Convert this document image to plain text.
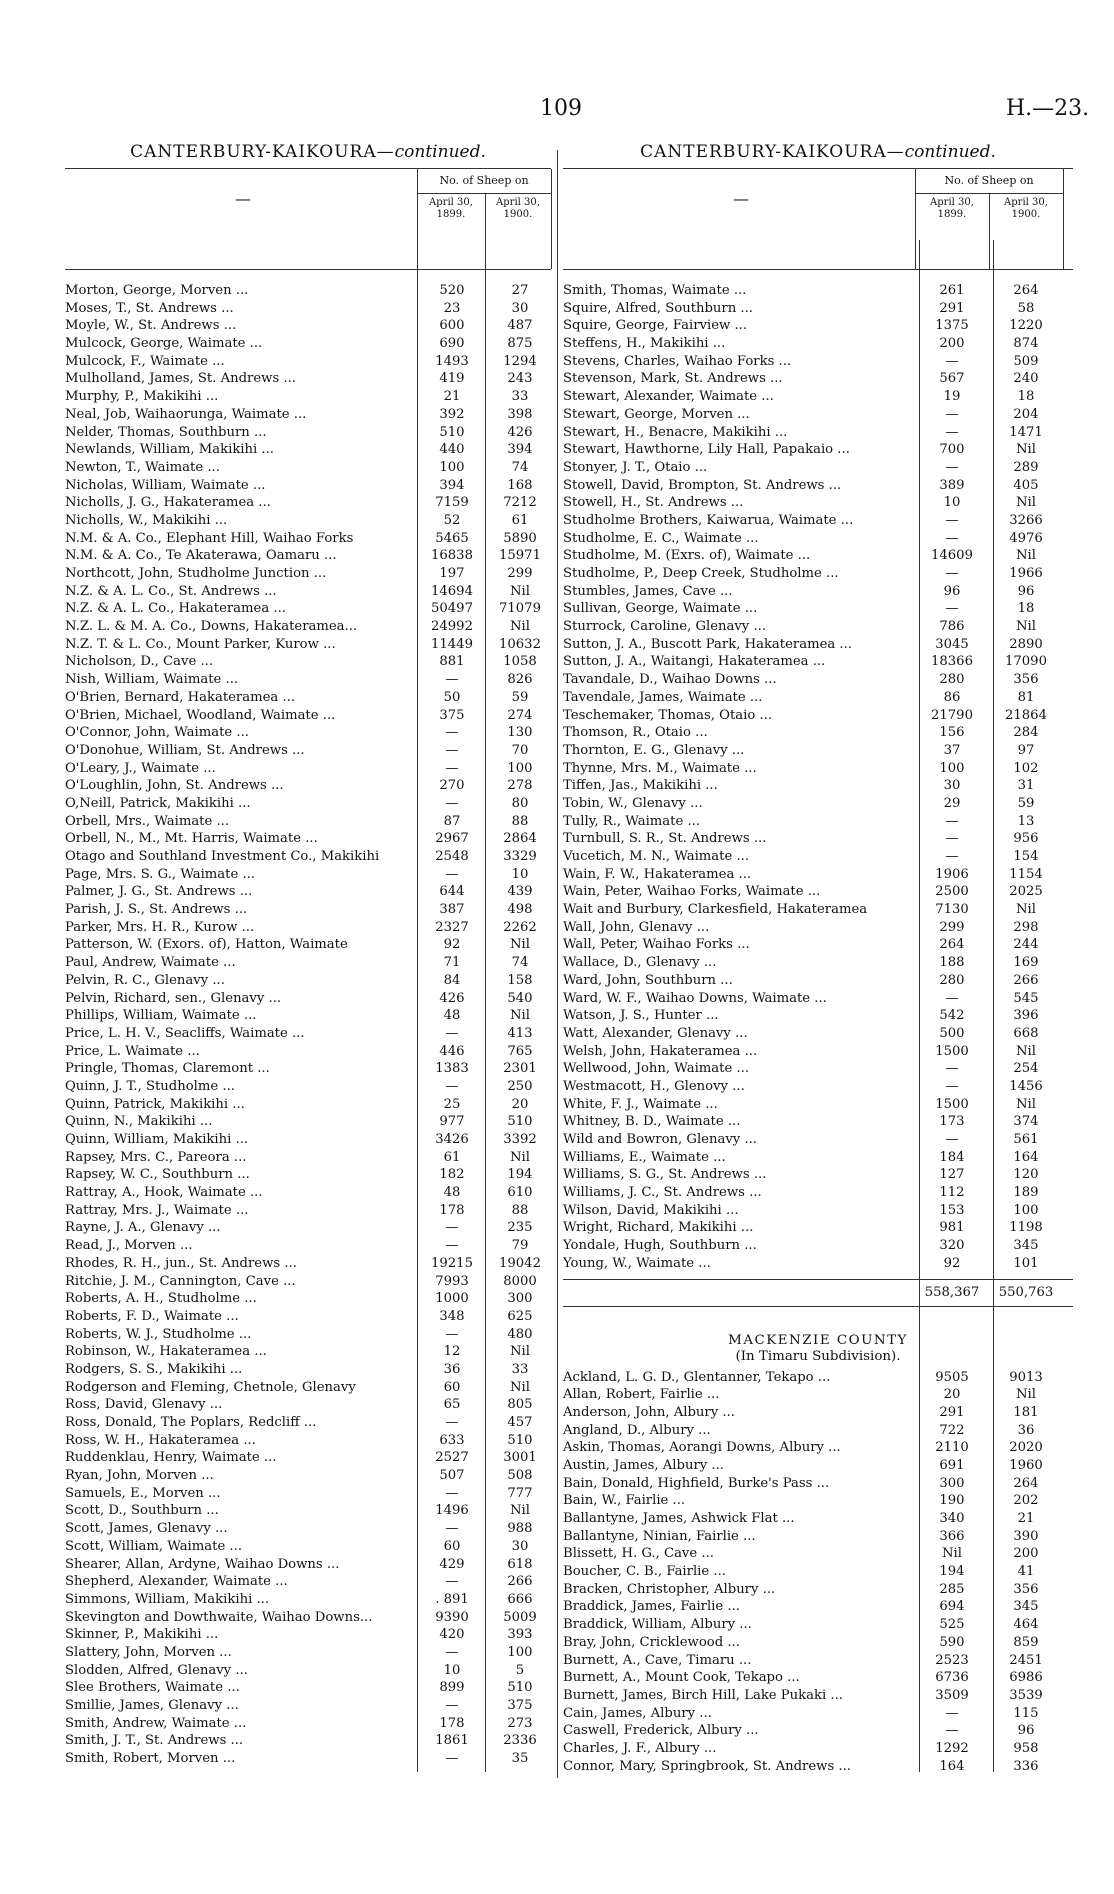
109	H.—23.
CANTERBURY-KAIKOURA—continued.
—
No. of Sheep on
April 30,
1899.
April 30,
1900.
Morton, George, Morven ...	520	27
Moses, T., St. Andrews ...	23	30
Moyle, W., St. Andrews ...	600	487
Mulcock, George, Waimate ...	690	875
Mulcock, F., Waimate ...	1493	1294
Mulholland, James, St. Andrews ...	419	243
Murphy, P., Makikihi ...	21	33
Neal, Job, Waihaorunga, Waimate ...	392	398
Nelder, Thomas, Southburn ...	510	426
Newlands, William, Makikihi ...	440	394
Newton, T., Waimate ...	100	74
Nicholas, William, Waimate ...	394	168
Nicholls, J. G., Hakateramea ...	7159	7212
Nicholls, W., Makikihi ...	52	61
N.M. & A. Co., Elephant Hill, Waihao Forks	5465	5890
N.M. & A. Co., Te Akaterawa, Oamaru ...	16838	15971
Northcott, John, Studholme Junction ...	197	299
N.Z. & A. L. Co., St. Andrews ...	14694	Nil
N.Z. & A. L. Co., Hakateramea ...	50497	71079
N.Z. L. & M. A. Co., Downs, Hakateramea...	24992	Nil
N.Z. T. & L. Co., Mount Parker, Kurow ...	11449	10632
Nicholson, D., Cave ...	881	1058
Nish, William, Waimate ...	—	826
O'Brien, Bernard, Hakateramea ...	50	59
O'Brien, Michael, Woodland, Waimate ...	375	274
O'Connor, John, Waimate ...	—	130
O'Donohue, William, St. Andrews ...	—	70
O'Leary, J., Waimate ...	—	100
O'Loughlin, John, St. Andrews ...	270	278
O,Neill, Patrick, Makikihi ...	—	80
Orbell, Mrs., Waimate ...	87	88
Orbell, N., M., Mt. Harris, Waimate ...	2967	2864
Otago and Southland Investment Co., Makikihi	2548	3329
Page, Mrs. S. G., Waimate ...	—	10
Palmer, J. G., St. Andrews ...	644	439
Parish, J. S., St. Andrews ...	387	498
Parker, Mrs. H. R., Kurow ...	2327	2262
Patterson, W. (Exors. of), Hatton, Waimate	92	Nil
Paul, Andrew, Waimate ...	71	74
Pelvin, R. C., Glenavy ...	84	158
Pelvin, Richard, sen., Glenavy ...	426	540
Phillips, William, Waimate ...	48	Nil
Price, L. H. V., Seacliffs, Waimate ...	—	413
Price, L. Waimate ...	446	765
Pringle, Thomas, Claremont ...	1383	2301
Quinn, J. T., Studholme ...	—	250
Quinn, Patrick, Makikihi ...	25	20
Quinn, N., Makikihi ...	977	510
Quinn, William, Makikihi ...	3426	3392
Rapsey, Mrs. C., Pareora ...	61	Nil
Rapsey, W. C., Southburn ...	182	194
Rattray, A., Hook, Waimate ...	48	610
Rattray, Mrs. J., Waimate ...	178	88
Rayne, J. A., Glenavy ...	—	235
Read, J., Morven ...	—	79
Rhodes, R. H., jun., St. Andrews ...	19215	19042
Ritchie, J. M., Cannington, Cave ...	7993	8000
Roberts, A. H., Studholme ...	1000	300
Roberts, F. D., Waimate ...	348	625
Roberts, W. J., Studholme ...	—	480
Robinson, W., Hakateramea ...	12	Nil
Rodgers, S. S., Makikihi ...	36	33
Rodgerson and Fleming, Chetnole, Glenavy	60	Nil
Ross, David, Glenavy ...	65	805
Ross, Donald, The Poplars, Redcliff ...	—	457
Ross, W. H., Hakateramea ...	633	510
Ruddenklau, Henry, Waimate ...	2527	3001
Ryan, John, Morven ...	507	508
Samuels, E., Morven ...	—	777
Scott, D., Southburn ...	1496	Nil
Scott, James, Glenavy ...	—	988
Scott, William, Waimate ...	60	30
Shearer, Allan, Ardyne, Waihao Downs ...	429	618
Shepherd, Alexander, Waimate ...	—	266
Simmons, William, Makikihi ...	. 891	666
Skevington and Dowthwaite, Waihao Downs...	9390	5009
Skinner, P., Makikihi ...	420	393
Slattery, John, Morven ...	—	100
Slodden, Alfred, Glenavy ...	10	5
Slee Brothers, Waimate ...	899	510
Smillie, James, Glenavy ...	—	375
Smith, Andrew, Waimate ...	178	273
Smith, J. T., St. Andrews ...	1861	2336
Smith, Robert, Morven ...	—	35
CANTERBURY-KAIKOURA—continued.
—
No. of Sheep on
April 30,
1899.
April 30,
1900.
Smith, Thomas, Waimate ...	261	264
Squire, Alfred, Southburn ...	291	58
Squire, George, Fairview ...	1375	1220
Steffens, H., Makikihi ...	200	874
Stevens, Charles, Waihao Forks ...	—	509
Stevenson, Mark, St. Andrews ...	567	240
Stewart, Alexander, Waimate ...	19	18
Stewart, George, Morven ...	—	204
Stewart, H., Benacre, Makikihi ...	—	1471
Stewart, Hawthorne, Lily Hall, Papakaio ...	700	Nil
Stonyer, J. T., Otaio ...	—	289
Stowell, David, Brompton, St. Andrews ...	389	405
Stowell, H., St. Andrews ...	10	Nil
Studholme Brothers, Kaiwarua, Waimate ...	—	3266
Studholme, E. C., Waimate ...	—	4976
Studholme, M. (Exrs. of), Waimate ...	14609	Nil
Studholme, P., Deep Creek, Studholme ...	—	1966
Stumbles, James, Cave ...	96	96
Sullivan, George, Waimate ...	—	18
Sturrock, Caroline, Glenavy ...	786	Nil
Sutton, J. A., Buscott Park, Hakateramea ...	3045	2890
Sutton, J. A., Waitangi, Hakateramea ...	18366	17090
Tavandale, D., Waihao Downs ...	280	356
Tavendale, James, Waimate ...	86	81
Teschemaker, Thomas, Otaio ...	21790	21864
Thomson, R., Otaio ...	156	284
Thornton, E. G., Glenavy ...	37	97
Thynne, Mrs. M., Waimate ...	100	102
Tiffen, Jas., Makikihi ...	30	31
Tobin, W., Glenavy ...	29	59
Tully, R., Waimate ...	—	13
Turnbull, S. R., St. Andrews ...	—	956
Vucetich, M. N., Waimate ...	—	154
Wain, F. W., Hakateramea ...	1906	1154
Wain, Peter, Waihao Forks, Waimate ...	2500	2025
Wait and Burbury, Clarkesfield, Hakateramea	7130	Nil
Wall, John, Glenavy ...	299	298
Wall, Peter, Waihao Forks ...	264	244
Wallace, D., Glenavy ...	188	169
Ward, John, Southburn ...	280	266
Ward, W. F., Waihao Downs, Waimate ...	—	545
Watson, J. S., Hunter ...	542	396
Watt, Alexander, Glenavy ...	500	668
Welsh, John, Hakateramea ...	1500	Nil
Wellwood, John, Waimate ...	—	254
Westmacott, H., Glenovy ...	—	1456
White, F. J., Waimate ...	1500	Nil
Whitney, B. D., Waimate ...	173	374
Wild and Bowron, Glenavy ...	—	561
Williams, E., Waimate ...	184	164
Williams, S. G., St. Andrews ...	127	120
Williams, J. C., St. Andrews ...	112	189
Wilson, David, Makikihi ...	153	100
Wright, Richard, Makikihi ...	981	1198
Yondale, Hugh, Southburn ...	320	345
Young, W., Waimate ...	92	101
558,367	550,763
MACKENZIE COUNTY
(In Timaru Subdivision).
Ackland, L. G. D., Glentanner, Tekapo ...	9505	9013
Allan, Robert, Fairlie ...	20	Nil
Anderson, John, Albury ...	291	181
Angland, D., Albury ...	722	36
Askin, Thomas, Aorangi Downs, Albury ...	2110	2020
Austin, James, Albury ...	691	1960
Bain, Donald, Highfield, Burke's Pass ...	300	264
Bain, W., Fairlie ...	190	202
Ballantyne, James, Ashwick Flat ...	340	21
Ballantyne, Ninian, Fairlie ...	366	390
Blissett, H. G., Cave ...	Nil	200
Boucher, C. B., Fairlie ...	194	41
Bracken, Christopher, Albury ...	285	356
Braddick, James, Fairlie ...	694	345
Braddick, William, Albury ...	525	464
Bray, John, Cricklewood ...	590	859
Burnett, A., Cave, Timaru ...	2523	2451
Burnett, A., Mount Cook, Tekapo ...	6736	6986
Burnett, James, Birch Hill, Lake Pukaki ...	3509	3539
Cain, James, Albury ...	—	115
Caswell, Frederick, Albury ...	—	96
Charles, J. F., Albury ...	1292	958
Connor, Mary, Springbrook, St. Andrews ...	164	336
